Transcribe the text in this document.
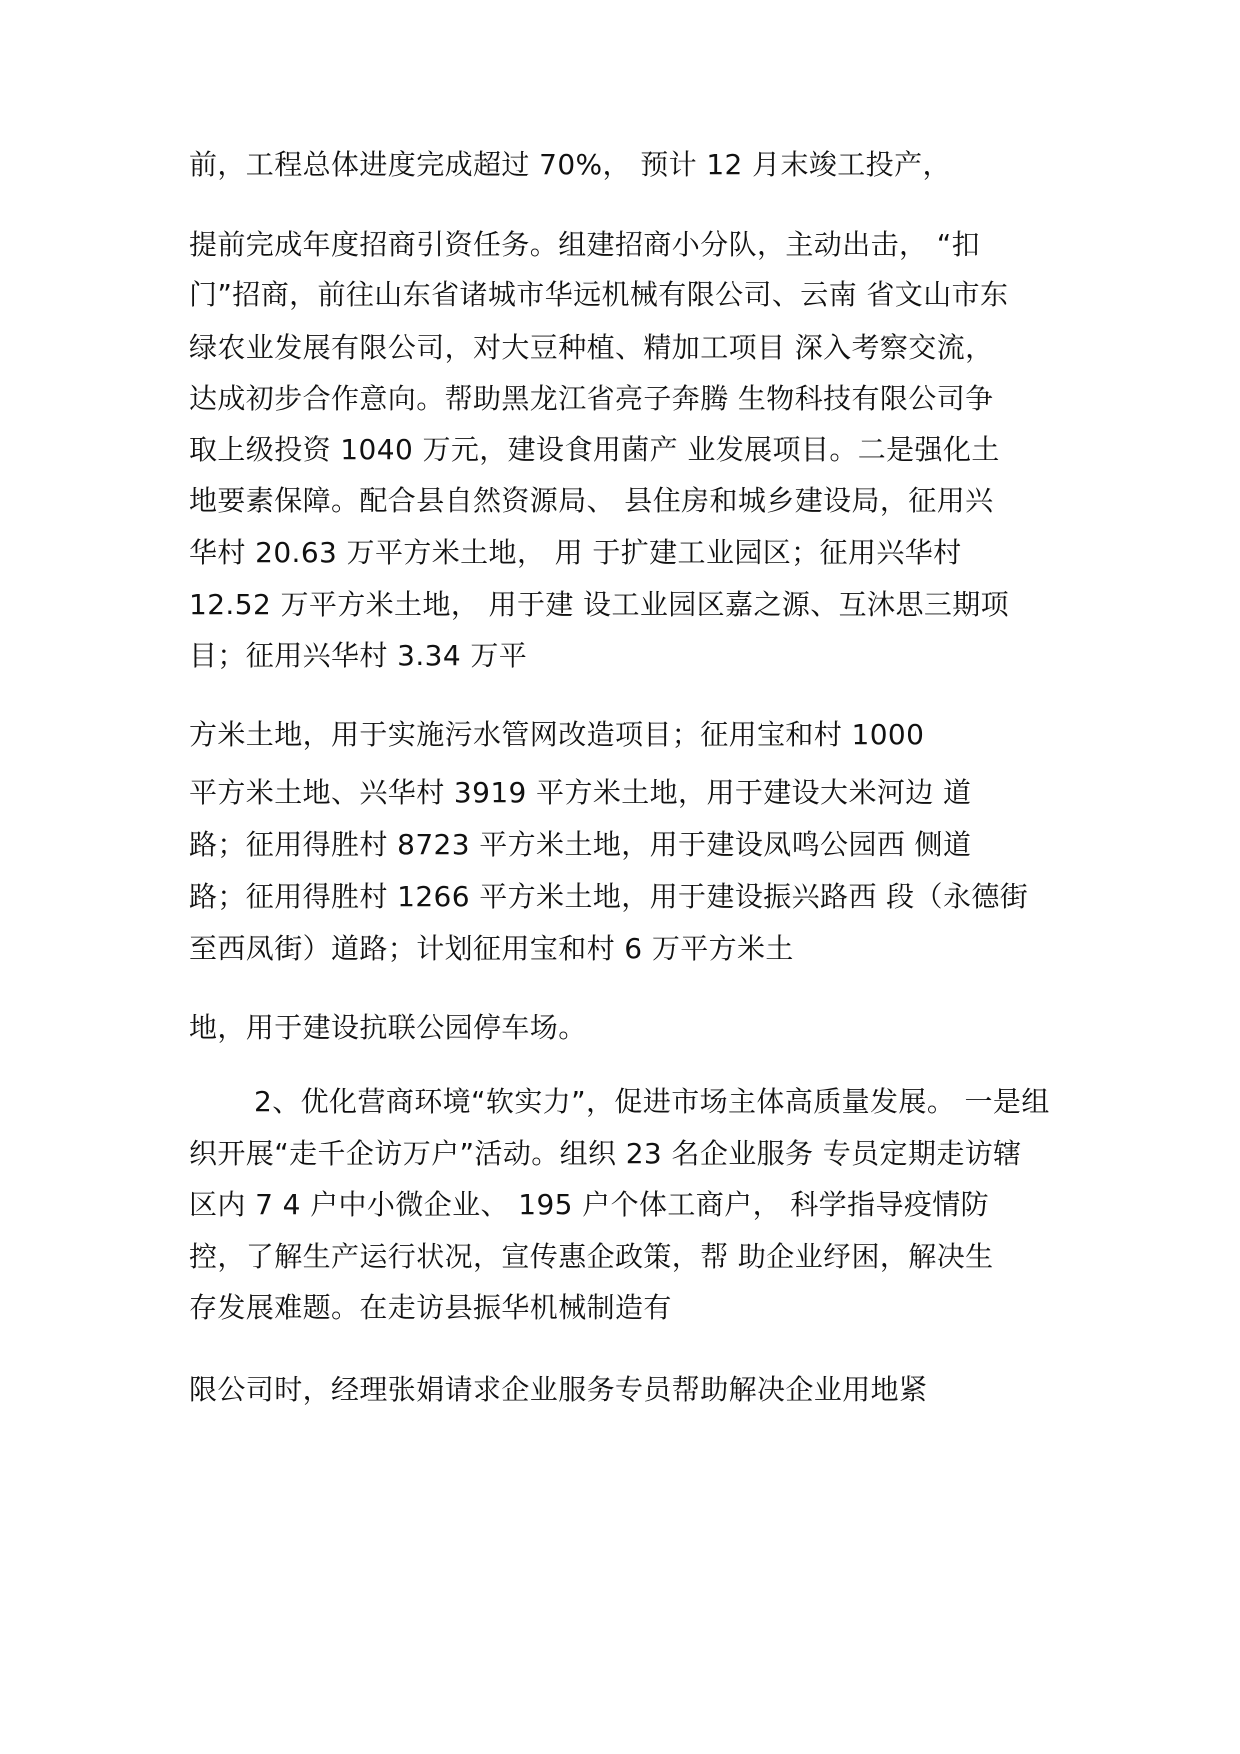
前，工程总体进度完成超过 70%， 预计 12 月末竣工投产，
提前完成年度招商引资任务。组建招商小分队，主动出击， “扣
门”招商，前往山东省诸城市华远机械有限公司、云南 省文山市东
绿农业发展有限公司，对大豆种植、精加工项目 深入考察交流，
达成初步合作意向。帮助黑龙江省亮子奔腾 生物科技有限公司争
取上级投资 1040 万元，建设食用菌产 业发展项目。二是强化土
地要素保障。配合县自然资源局、 县住房和城乡建设局，征用兴
华村 20.63 万平方米土地， 用 于扩建工业园区；征用兴华村
12.52 万平方米土地， 用于建 设工业园区嘉之源、互沐思三期项
目；征用兴华村 3.34 万平
方米土地，用于实施污水管网改造项目；征用宝和村 1000
平方米土地、兴华村 3919 平方米土地，用于建设大米河边 道
路；征用得胜村 8723 平方米土地，用于建设凤鸣公园西 侧道
路；征用得胜村 1266 平方米土地，用于建设振兴路西 段（永德街
至西凤街）道路；计划征用宝和村 6 万平方米土
地，用于建设抗联公园停车场。
2、优化营商环境“软实力”，促进市场主体高质量发展。 一是组
织开展“走千企访万户”活动。组织 23 名企业服务 专员定期走访辖
区内 7 4 户中小微企业、 195 户个体工商户， 科学指导疫情防
控，了解生产运行状况，宣传惠企政策，帮 助企业纾困，解决生
存发展难题。在走访县振华机械制造有
限公司时，经理张娟请求企业服务专员帮助解决企业用地紧
